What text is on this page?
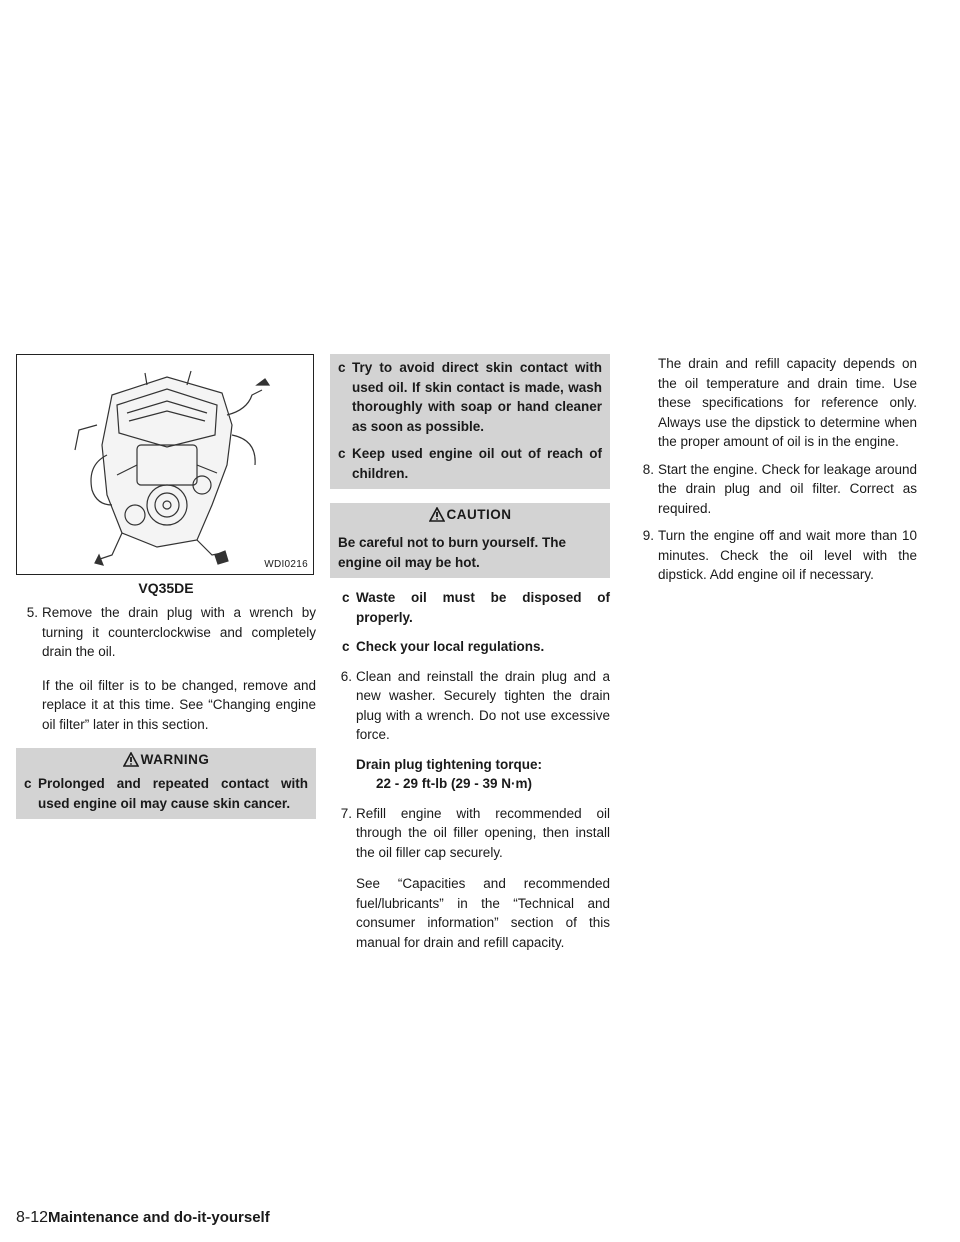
WDI0216
VQ35DE
5. Remove the drain plug with a wrench by turning it counterclockwise and completely drain the oil.
If the oil filter is to be changed, remove and replace it at this time. See “Changing engine oil filter” later in this section.
WARNING
c Prolonged and repeated contact with used engine oil may cause skin cancer.
c Try to avoid direct skin contact with used oil. If skin contact is made, wash thoroughly with soap or hand cleaner as soon as possible.
c Keep used engine oil out of reach of children.
CAUTION
Be careful not to burn yourself. The engine oil may be hot.
c Waste oil must be disposed of properly.
c Check your local regulations.
6. Clean and reinstall the drain plug and a new washer. Securely tighten the drain plug with a wrench. Do not use excessive force.
Drain plug tightening torque:
22 - 29 ft-lb (29 - 39 N·m)
7. Refill engine with recommended oil through the oil filler opening, then install the oil filler cap securely.
See “Capacities and recommended fuel/lubricants” in the “Technical and consumer information” section of this manual for drain and refill capacity.
The drain and refill capacity depends on the oil temperature and drain time. Use these specifications for reference only. Always use the dipstick to determine when the proper amount of oil is in the engine.
8. Start the engine. Check for leakage around the drain plug and oil filter. Correct as required.
9. Turn the engine off and wait more than 10 minutes. Check the oil level with the dipstick. Add engine oil if necessary.
8-12Maintenance and do-it-yourself
